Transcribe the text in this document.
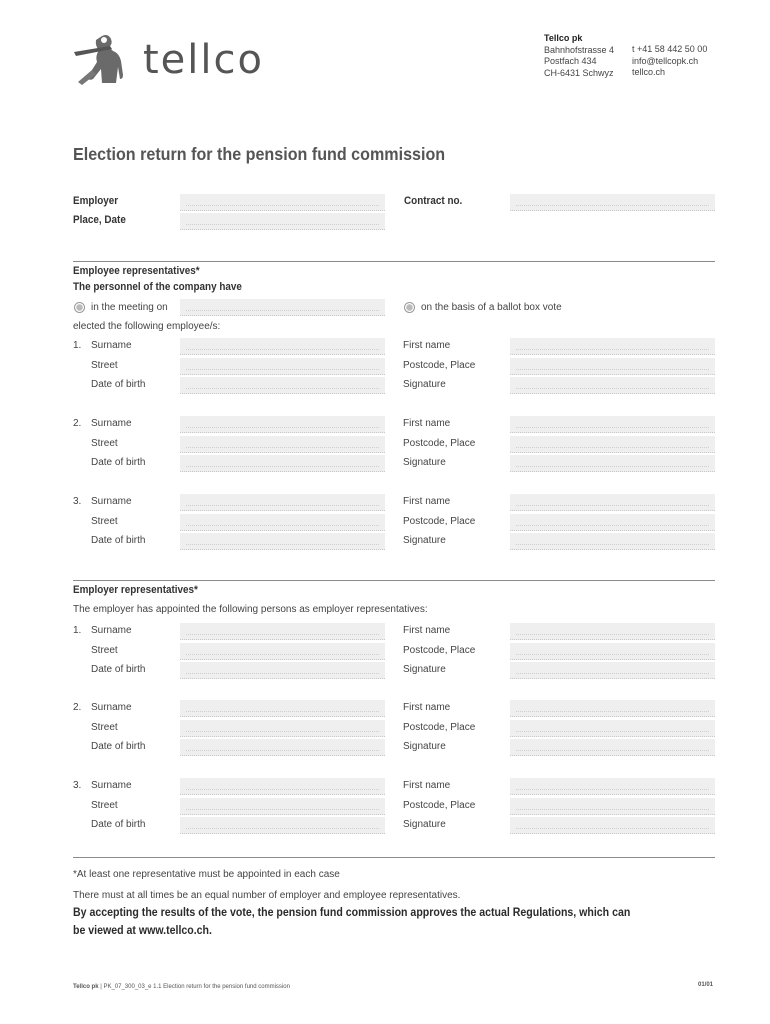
tellco	Tellco pk
Bahnhofstrasse 4
Postfach 434
CH-6431 Schwyz
t +41 58 442 50 00
info@tellcopk.ch
tellco.ch
Election return for the pension fund commission
Employer
Place, Date
Contract no.
Employee representatives*
The personnel of the company have
in the meeting on	on the basis of a ballot box vote
elected the following employee/s:
1. Surname	First name
Street	Postcode, Place
Date of birth	Signature
2. Surname	First name
Street	Postcode, Place
Date of birth	Signature
3. Surname	First name
Street	Postcode, Place
Date of birth	Signature
Employer representatives*
The employer has appointed the following persons as employer representatives:
1. Surname	First name
Street	Postcode, Place
Date of birth	Signature
2. Surname	First name
Street	Postcode, Place
Date of birth	Signature
3. Surname	First name
Street	Postcode, Place
Date of birth	Signature
*At least one representative must be appointed in each case
There must at all times be an equal number of employer and employee representatives.
By accepting the results of the vote, the pension fund commission approves the actual Regulations, which can
be viewed at www.tellco.ch.
Tellco pk | PK_07_300_03_e 1.1 Election return for the pension fund commission	01/01
